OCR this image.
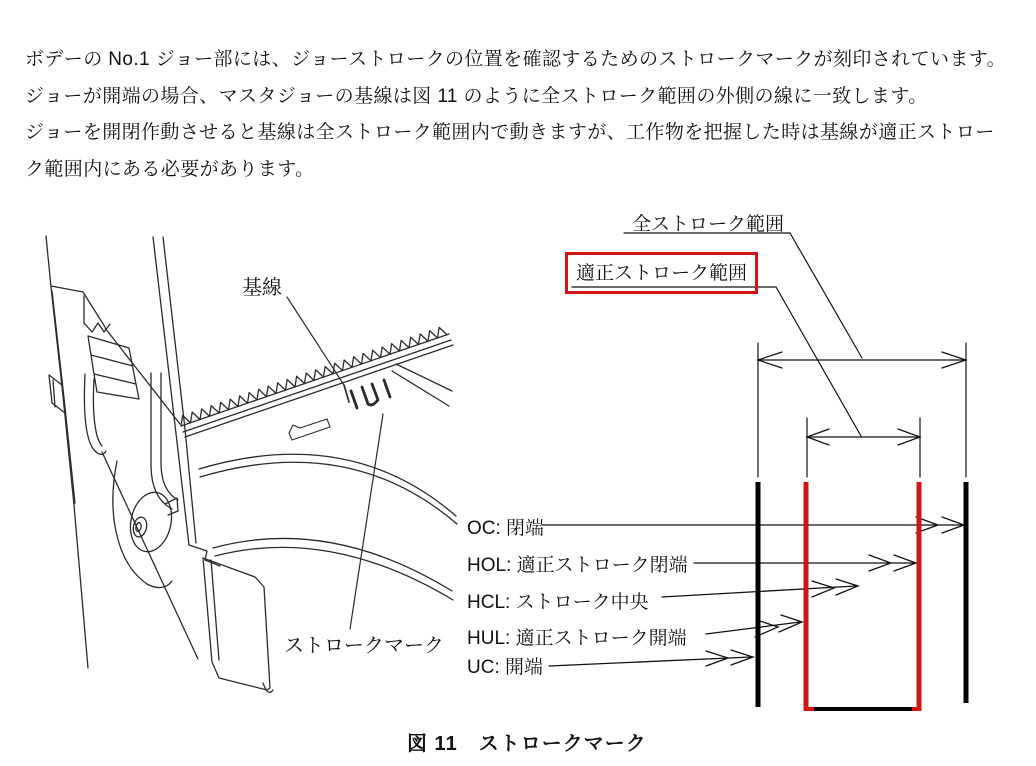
ボデーの No.1 ジョー部には、ジョーストロークの位置を確認するためのストロークマークが刻印されています。
ジョーが開端の場合、マスタジョーの基線は図 11 のように全ストローク範囲の外側の線に一致します。
ジョーを開閉作動させると基線は全ストローク範囲内で動きますが、工作物を把握した時は基線が適正ストロー
ク範囲内にある必要があります。
基線
ストロークマーク
全ストローク範囲
適正ストローク範囲
OC: 閉端
HOL: 適正ストローク閉端
HCL: ストローク中央
HUL: 適正ストローク開端
UC: 開端
図 11　ストロークマーク
